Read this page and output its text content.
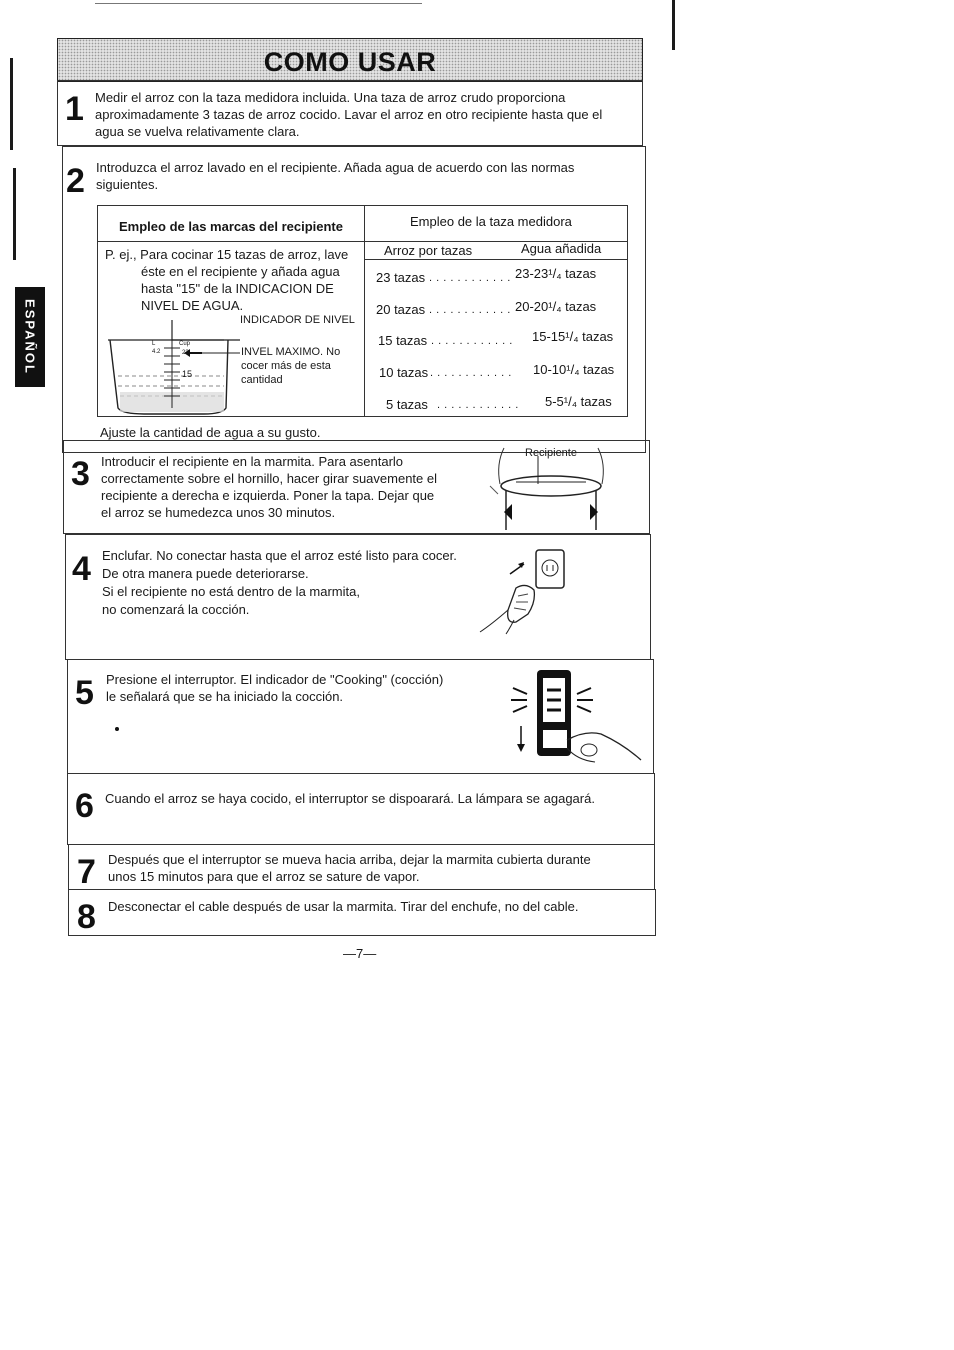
ESPAÑOL
COMO USAR
1 Medir el arroz con la taza medidora incluida. Una taza de arroz crudo proporciona

aproximadamente 3 tazas de arroz cocido. Lavar el arroz en otro recipiente hasta que el

agua se vuelva relativamente clara.

2 Introduzca el arroz lavado en el recipiente. Añada agua de acuerdo con las normas

siguientes.

Empleo de las marcas del recipiente	Empleo de la taza medidora
Arroz por tazas	Agua añadida

P. ej., Para cocinar 15 tazas de arroz, lave

éste en el recipiente y añada agua

hasta "15" de la INDICACION DE

NIVEL DE AGUA.

INDICADOR DE NIVEL

INVEL MAXIMO. No

cocer más de esta

cantidad

L	Cup
4.2	23
15
23 tazas . . . . . . . . . . . . 23-23¹/₄ tazas
20 tazas . . . . . . . . . . . . 20-20¹/₄ tazas
15 tazas . . . . . . . . . . . . 15-15¹/₄ tazas
10 tazas . . . . . . . . . . . . 10-10¹/₄ tazas
5 tazas . . . . . . . . . . . . 5-5¹/₄ tazas
Ajuste la cantidad de agua a su gusto.
3 Introducir el recipiente en la marmita. Para asentarlo

correctamente sobre el hornillo, hacer girar suavemente el

recipiente a derecha e izquierda. Poner la tapa. Dejar que

el arroz se humedezca unos 30 minutos.

Recipiente
4 Enclufar. No conectar hasta que el arroz esté listo para cocer.

De otra manera puede deteriorarse.

Si el recipiente no está dentro de la marmita,

no comenzará la cocción.

5 Presione el interruptor. El indicador de "Cooking" (cocción)

le señalará que se ha iniciado la cocción.

6 Cuando el arroz se haya cocido, el interruptor se dispoarará. La lámpara se agagará.

7 Después que el interruptor se mueva hacia arriba, dejar la marmita cubierta durante

unos 15 minutos para que el arroz se sature de vapor.

8 Desconectar el cable después de usar la marmita. Tirar del enchufe, no del cable.

—7—
